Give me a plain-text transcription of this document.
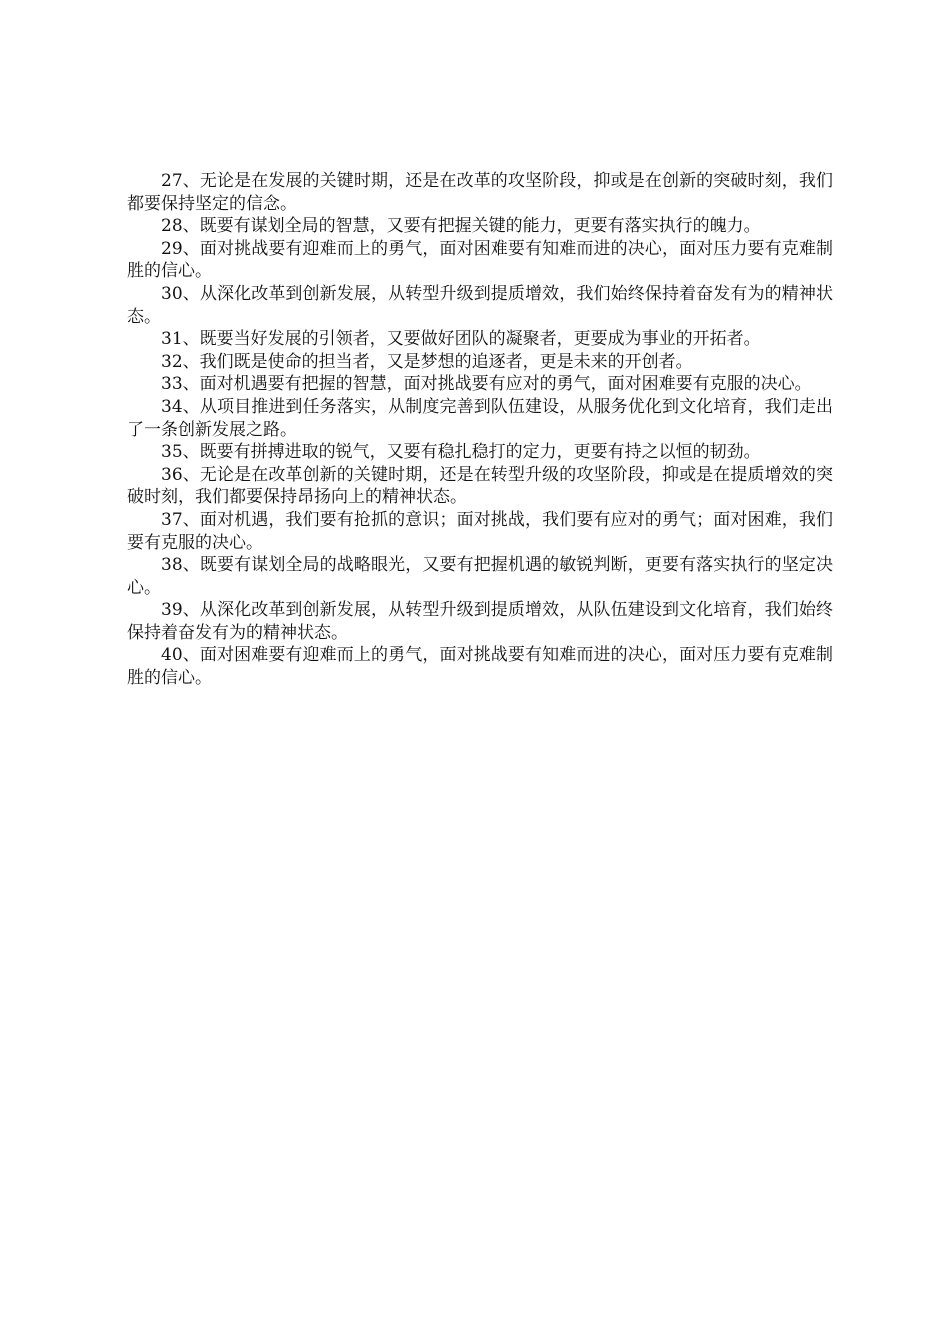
27、无论是在发展的关键时期，还是在改革的攻坚阶段，抑或是在创新的突破时刻，我们都要保持坚定的信念。

28、既要有谋划全局的智慧，又要有把握关键的能力，更要有落实执行的魄力。

29、面对挑战要有迎难而上的勇气，面对困难要有知难而进的决心，面对压力要有克难制胜的信心。

30、从深化改革到创新发展，从转型升级到提质增效，我们始终保持着奋发有为的精神状态。

31、既要当好发展的引领者，又要做好团队的凝聚者，更要成为事业的开拓者。

32、我们既是使命的担当者，又是梦想的追逐者，更是未来的开创者。

33、面对机遇要有把握的智慧，面对挑战要有应对的勇气，面对困难要有克服的决心。

34、从项目推进到任务落实，从制度完善到队伍建设，从服务优化到文化培育，我们走出了一条创新发展之路。

35、既要有拼搏进取的锐气，又要有稳扎稳打的定力，更要有持之以恒的韧劲。

36、无论是在改革创新的关键时期，还是在转型升级的攻坚阶段，抑或是在提质增效的突破时刻，我们都要保持昂扬向上的精神状态。

37、面对机遇，我们要有抢抓的意识；面对挑战，我们要有应对的勇气；面对困难，我们要有克服的决心。

38、既要有谋划全局的战略眼光，又要有把握机遇的敏锐判断，更要有落实执行的坚定决心。

39、从深化改革到创新发展，从转型升级到提质增效，从队伍建设到文化培育，我们始终保持着奋发有为的精神状态。

40、面对困难要有迎难而上的勇气，面对挑战要有知难而进的决心，面对压力要有克难制胜的信心。
